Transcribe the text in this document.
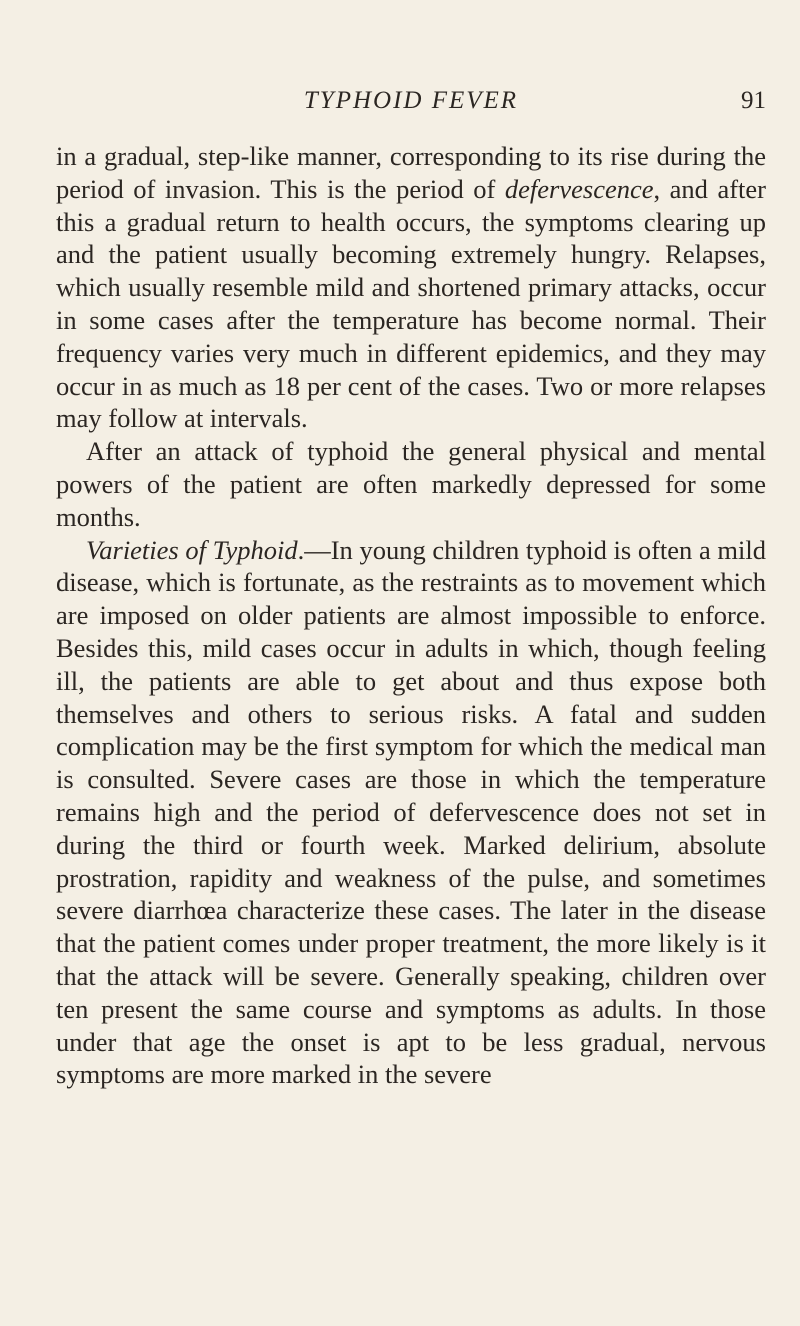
TYPHOID FEVER	91

in a gradual, step-like manner, corresponding to its rise during the period of invasion. This is the period of defervescence, and after this a gradual return to health occurs, the symptoms clearing up and the patient usually becoming extremely hungry. Relapses, which usually resemble mild and shortened primary attacks, occur in some cases after the temperature has become normal. Their frequency varies very much in different epidemics, and they may occur in as much as 18 per cent of the cases. Two or more relapses may follow at intervals.

After an attack of typhoid the general physical and mental powers of the patient are often markedly depressed for some months.

Varieties of Typhoid.—In young children typhoid is often a mild disease, which is fortunate, as the restraints as to movement which are imposed on older patients are almost impossible to enforce. Besides this, mild cases occur in adults in which, though feeling ill, the patients are able to get about and thus expose both themselves and others to serious risks. A fatal and sudden complication may be the first symptom for which the medical man is consulted. Severe cases are those in which the temperature remains high and the period of defervescence does not set in during the third or fourth week. Marked delirium, absolute prostration, rapidity and weakness of the pulse, and sometimes severe diarrhœa characterize these cases. The later in the disease that the patient comes under proper treatment, the more likely is it that the attack will be severe. Generally speaking, children over ten present the same course and symptoms as adults. In those under that age the onset is apt to be less gradual, nervous symptoms are more marked in the severe
